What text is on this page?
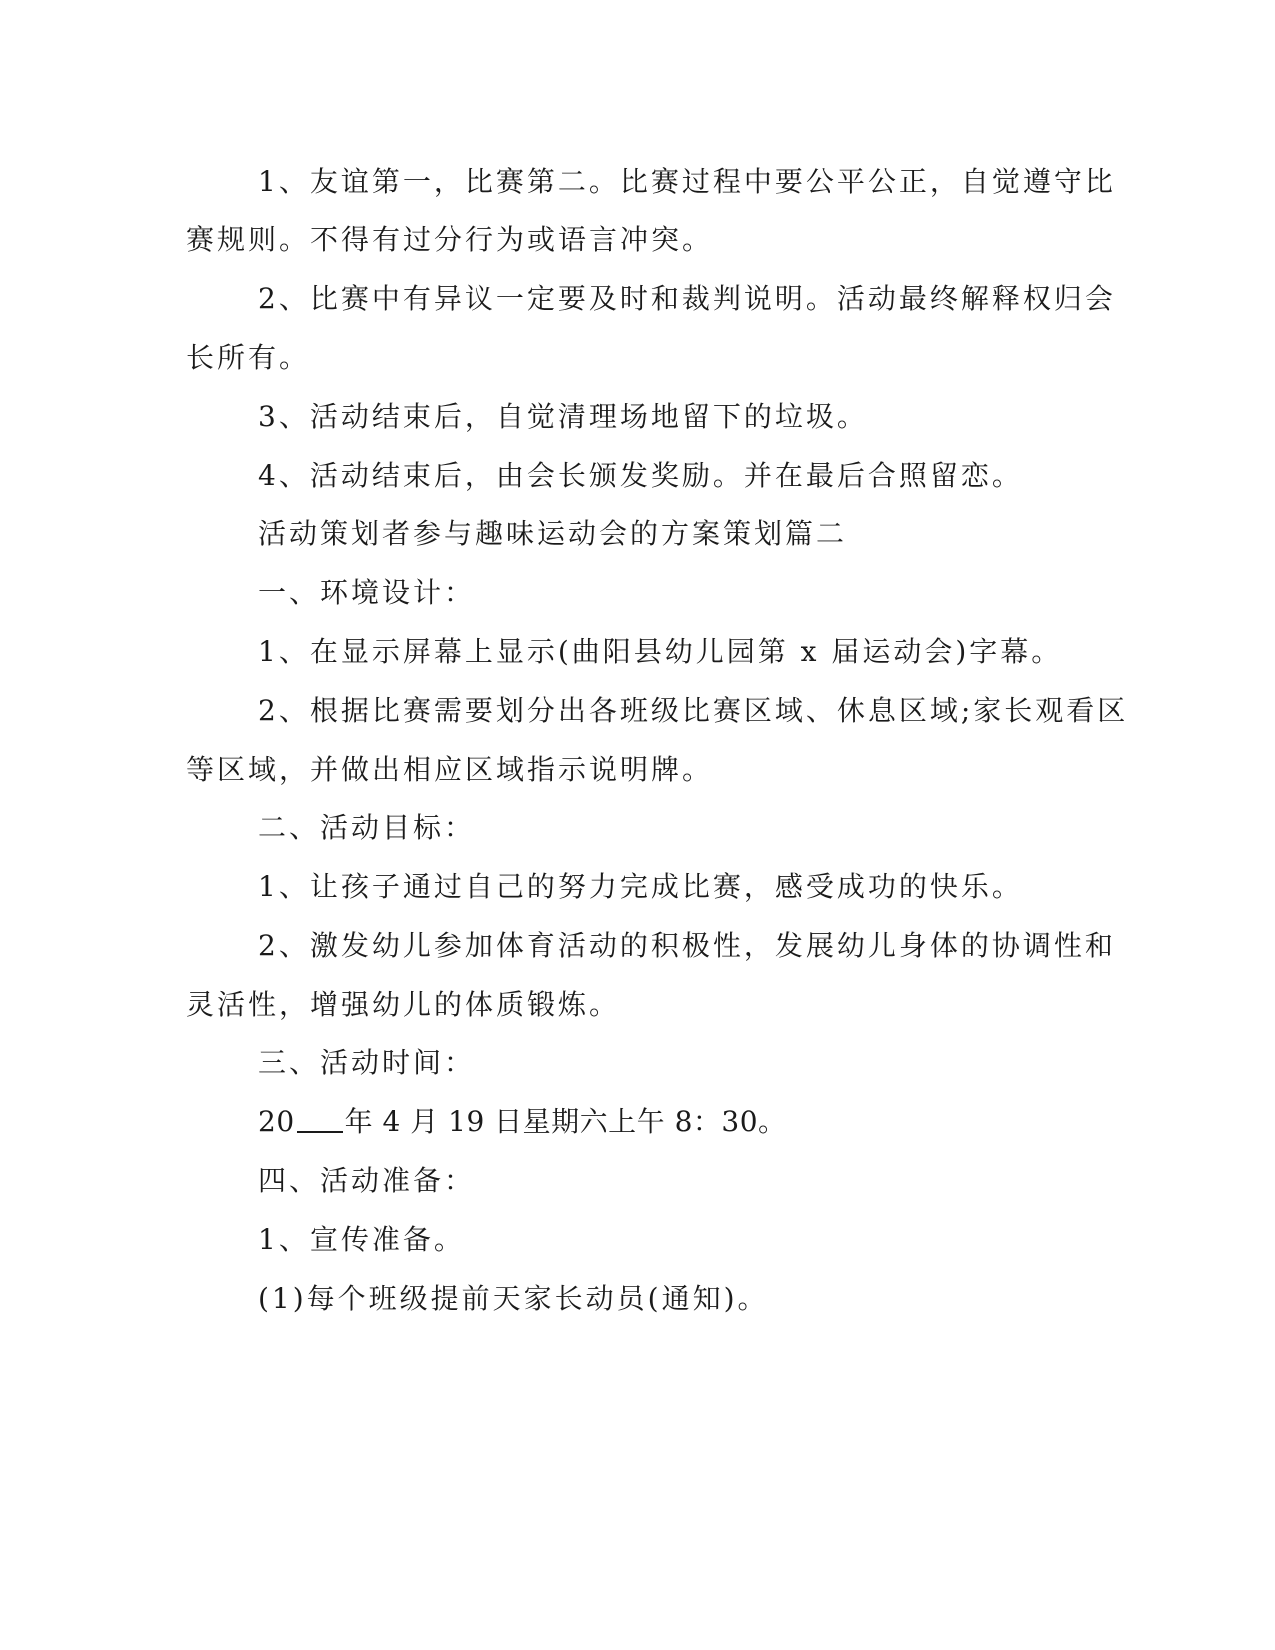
1、友谊第一，比赛第二。比赛过程中要公平公正，自觉遵守比
赛规则。不得有过分行为或语言冲突。
2、比赛中有异议一定要及时和裁判说明。活动最终解释权归会
长所有。
3、活动结束后，自觉清理场地留下的垃圾。
4、活动结束后，由会长颁发奖励。并在最后合照留恋。
活动策划者参与趣味运动会的方案策划篇二
一、环境设计：
1、在显示屏幕上显示(曲阳县幼儿园第 x 届运动会)字幕。
2、根据比赛需要划分出各班级比赛区域、休息区域;家长观看区
等区域，并做出相应区域指示说明牌。
二、活动目标：
1、让孩子通过自己的努力完成比赛，感受成功的快乐。
2、激发幼儿参加体育活动的积极性，发展幼儿身体的协调性和
灵活性，增强幼儿的体质锻炼。
三、活动时间：
20 年 4 月 19 日星期六上午 8：30。
四、活动准备：
1、宣传准备。
(1)每个班级提前天家长动员(通知)。
